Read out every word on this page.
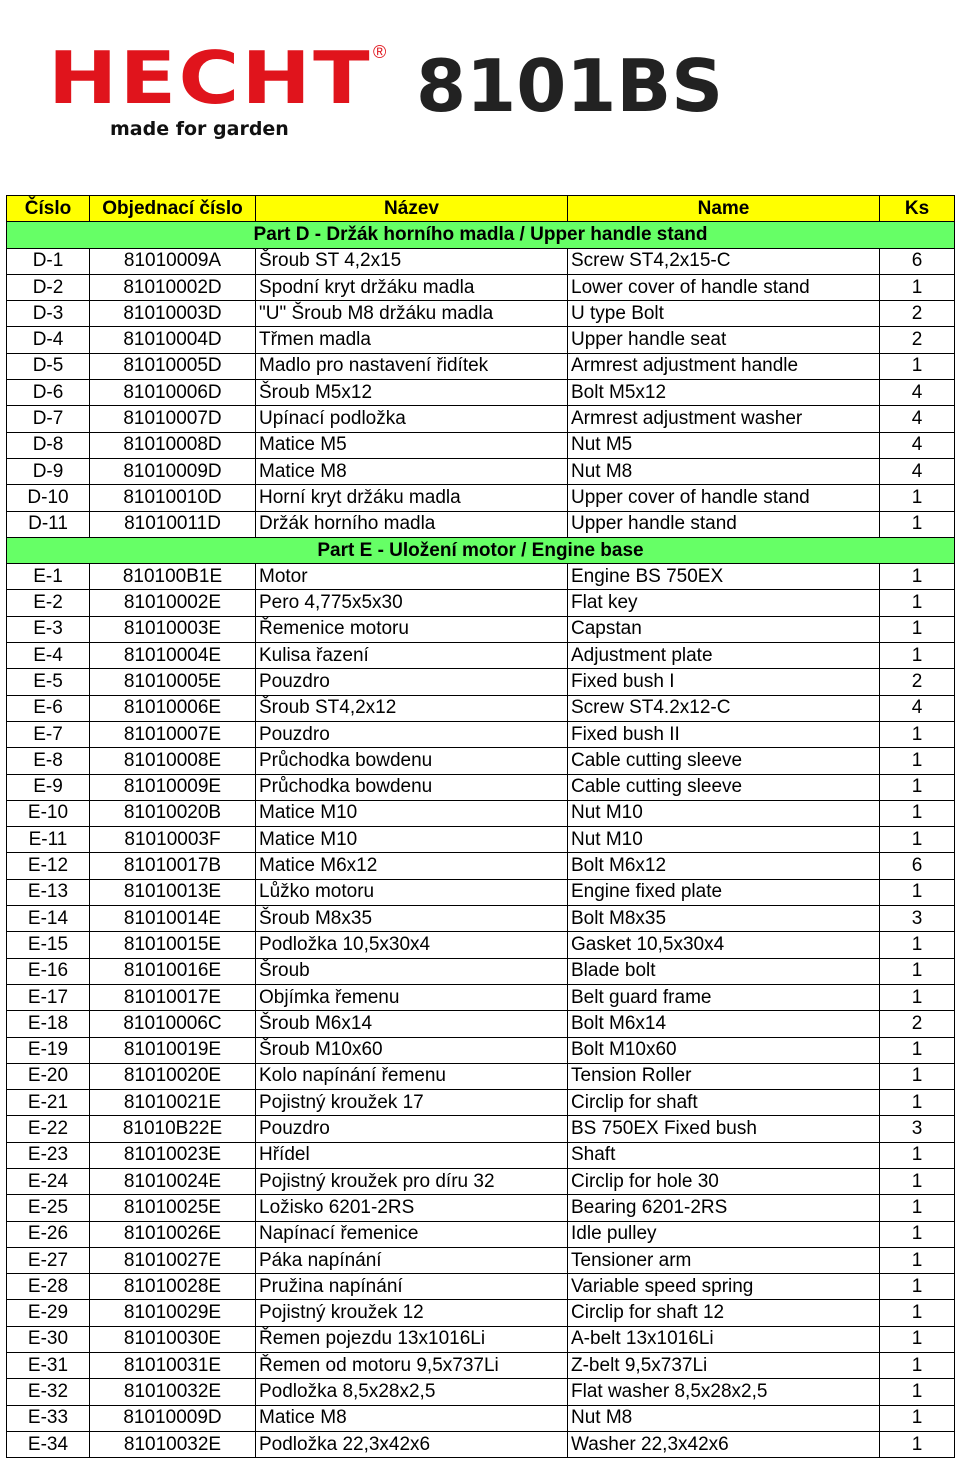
HECHT ®
made for garden
8101BS
Číslo	Objednací číslo	Název	Name	Ks
Part D - Držák horního madla / Upper handle stand				
D-1	81010009A	Šroub ST 4,2x15	Screw ST4,2x15-C	6
D-2	81010002D	Spodní kryt držáku madla	Lower cover of handle stand	1
D-3	81010003D	"U" Šroub M8 držáku madla	U type Bolt	2
D-4	81010004D	Třmen madla	Upper handle seat	2
D-5	81010005D	Madlo pro nastavení řidítek	Armrest adjustment handle	1
D-6	81010006D	Šroub M5x12	Bolt M5x12	4
D-7	81010007D	Upínací podložka	Armrest adjustment washer	4
D-8	81010008D	Matice M5	Nut M5	4
D-9	81010009D	Matice M8	Nut M8	4
D-10	81010010D	Horní kryt držáku madla	Upper cover of handle stand	1
D-11	81010011D	Držák horního madla	Upper handle stand	1
Part E - Uložení motor / Engine base				
E-1	810100B1E	Motor	Engine BS 750EX	1
E-2	81010002E	Pero 4,775x5x30	Flat key	1
E-3	81010003E	Řemenice motoru	Capstan	1
E-4	81010004E	Kulisa řazení	Adjustment plate	1
E-5	81010005E	Pouzdro	Fixed bush I	2
E-6	81010006E	Šroub ST4,2x12	Screw ST4.2x12-C	4
E-7	81010007E	Pouzdro	Fixed bush II	1
E-8	81010008E	Průchodka bowdenu	Cable cutting sleeve	1
E-9	81010009E	Průchodka bowdenu	Cable cutting sleeve	1
E-10	81010020B	Matice M10	Nut M10	1
E-11	81010003F	Matice M10	Nut M10	1
E-12	81010017B	Matice M6x12	Bolt M6x12	6
E-13	81010013E	Lůžko motoru	Engine fixed plate	1
E-14	81010014E	Šroub M8x35	Bolt M8x35	3
E-15	81010015E	Podložka 10,5x30x4	Gasket 10,5x30x4	1
E-16	81010016E	Šroub	Blade bolt	1
E-17	81010017E	Objímka řemenu	Belt guard frame	1
E-18	81010006C	Šroub M6x14	Bolt M6x14	2
E-19	81010019E	Šroub M10x60	Bolt M10x60	1
E-20	81010020E	Kolo napínání řemenu	Tension Roller	1
E-21	81010021E	Pojistný kroužek 17	Circlip for shaft	1
E-22	81010B22E	Pouzdro	BS 750EX Fixed bush	3
E-23	81010023E	Hřídel	Shaft	1
E-24	81010024E	Pojistný kroužek pro díru 32	Circlip for hole 30	1
E-25	81010025E	Ložisko 6201-2RS	Bearing 6201-2RS	1
E-26	81010026E	Napínací řemenice	Idle pulley	1
E-27	81010027E	Páka napínání	Tensioner arm	1
E-28	81010028E	Pružina napínání	Variable speed spring	1
E-29	81010029E	Pojistný kroužek 12	Circlip for shaft 12	1
E-30	81010030E	Řemen pojezdu 13x1016Li	A-belt 13x1016Li	1
E-31	81010031E	Řemen od motoru 9,5x737Li	Z-belt 9,5x737Li	1
E-32	81010032E	Podložka 8,5x28x2,5	Flat washer 8,5x28x2,5	1
E-33	81010009D	Matice M8	Nut M8	1
E-34	81010032E	Podložka 22,3x42x6	Washer 22,3x42x6	1
